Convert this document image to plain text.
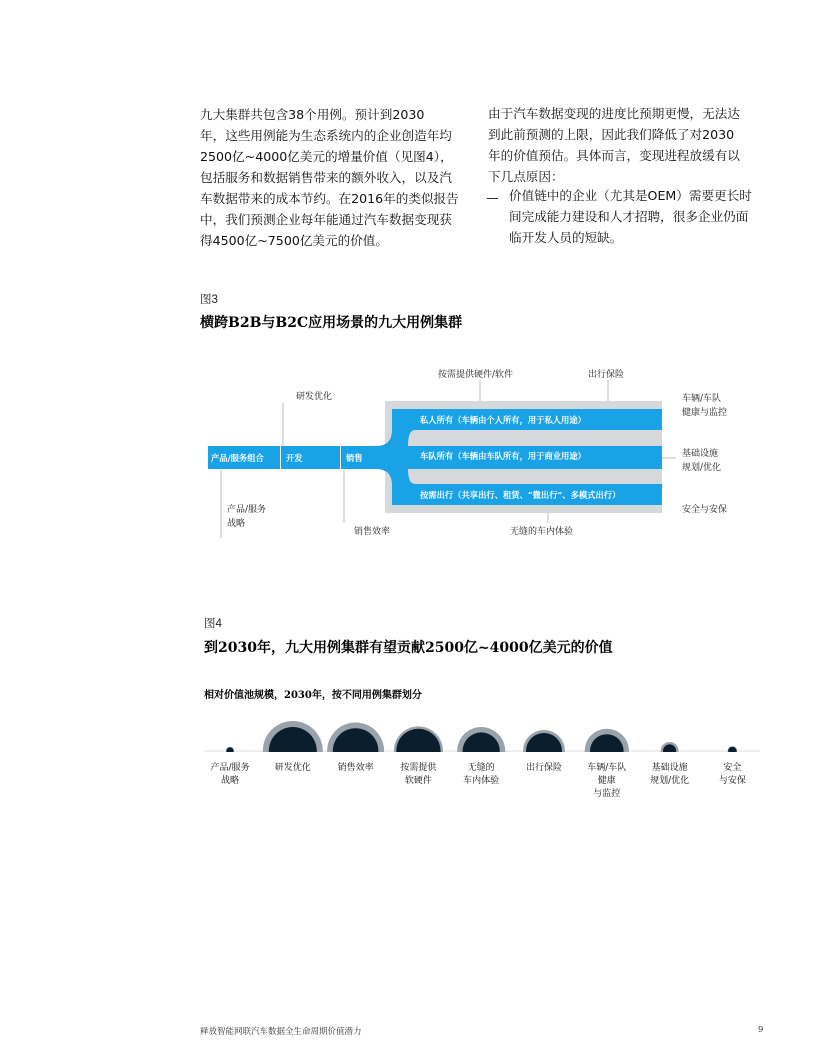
九大集群共包含38个用例。预计到2030
年，这些用例能为生态系统内的企业创造年均
2500亿~4000亿美元的增量价值（见图4），
包括服务和数据销售带来的额外收入，以及汽
车数据带来的成本节约。在2016年的类似报告
中，我们预测企业每年能通过汽车数据变现获
得4500亿~7500亿美元的价值。

由于汽车数据变现的进度比预期更慢，无法达
到此前预测的上限，因此我们降低了对2030
年的价值预估。具体而言，变现进程放缓有以
下几点原因：

— 价值链中的企业（尤其是OEM）需要更长时
间完成能力建设和人才招聘，很多企业仍面
临开发人员的短缺。

图3
横跨B2B与B2C应用场景的九大用例集群
产品/服务组合	开发	销售
私人所有（车辆由个人所有，用于私人用途）
车队所有（车辆由车队所有，用于商业用途）
按需出行（共享出行、租赁、“微出行”、多模式出行）
研发优化
按需提供硬件/软件	出行保险
车辆/车队
健康与监控
基础设施
规划/优化
安全与安保
产品/服务
战略
销售效率	无缝的车内体验
图4
到2030年，九大用例集群有望贡献2500亿~4000亿美元的价值
相对价值池规模，2030年，按不同用例集群划分
产品/服务
战略
研发优化	销售效率	按需提供
软硬件
无缝的
车内体验
出行保险	车辆/车队
健康
与监控
基础设施
规划/优化
安全
与安保
释放智能网联汽车数据全生命周期价值潜力	9
